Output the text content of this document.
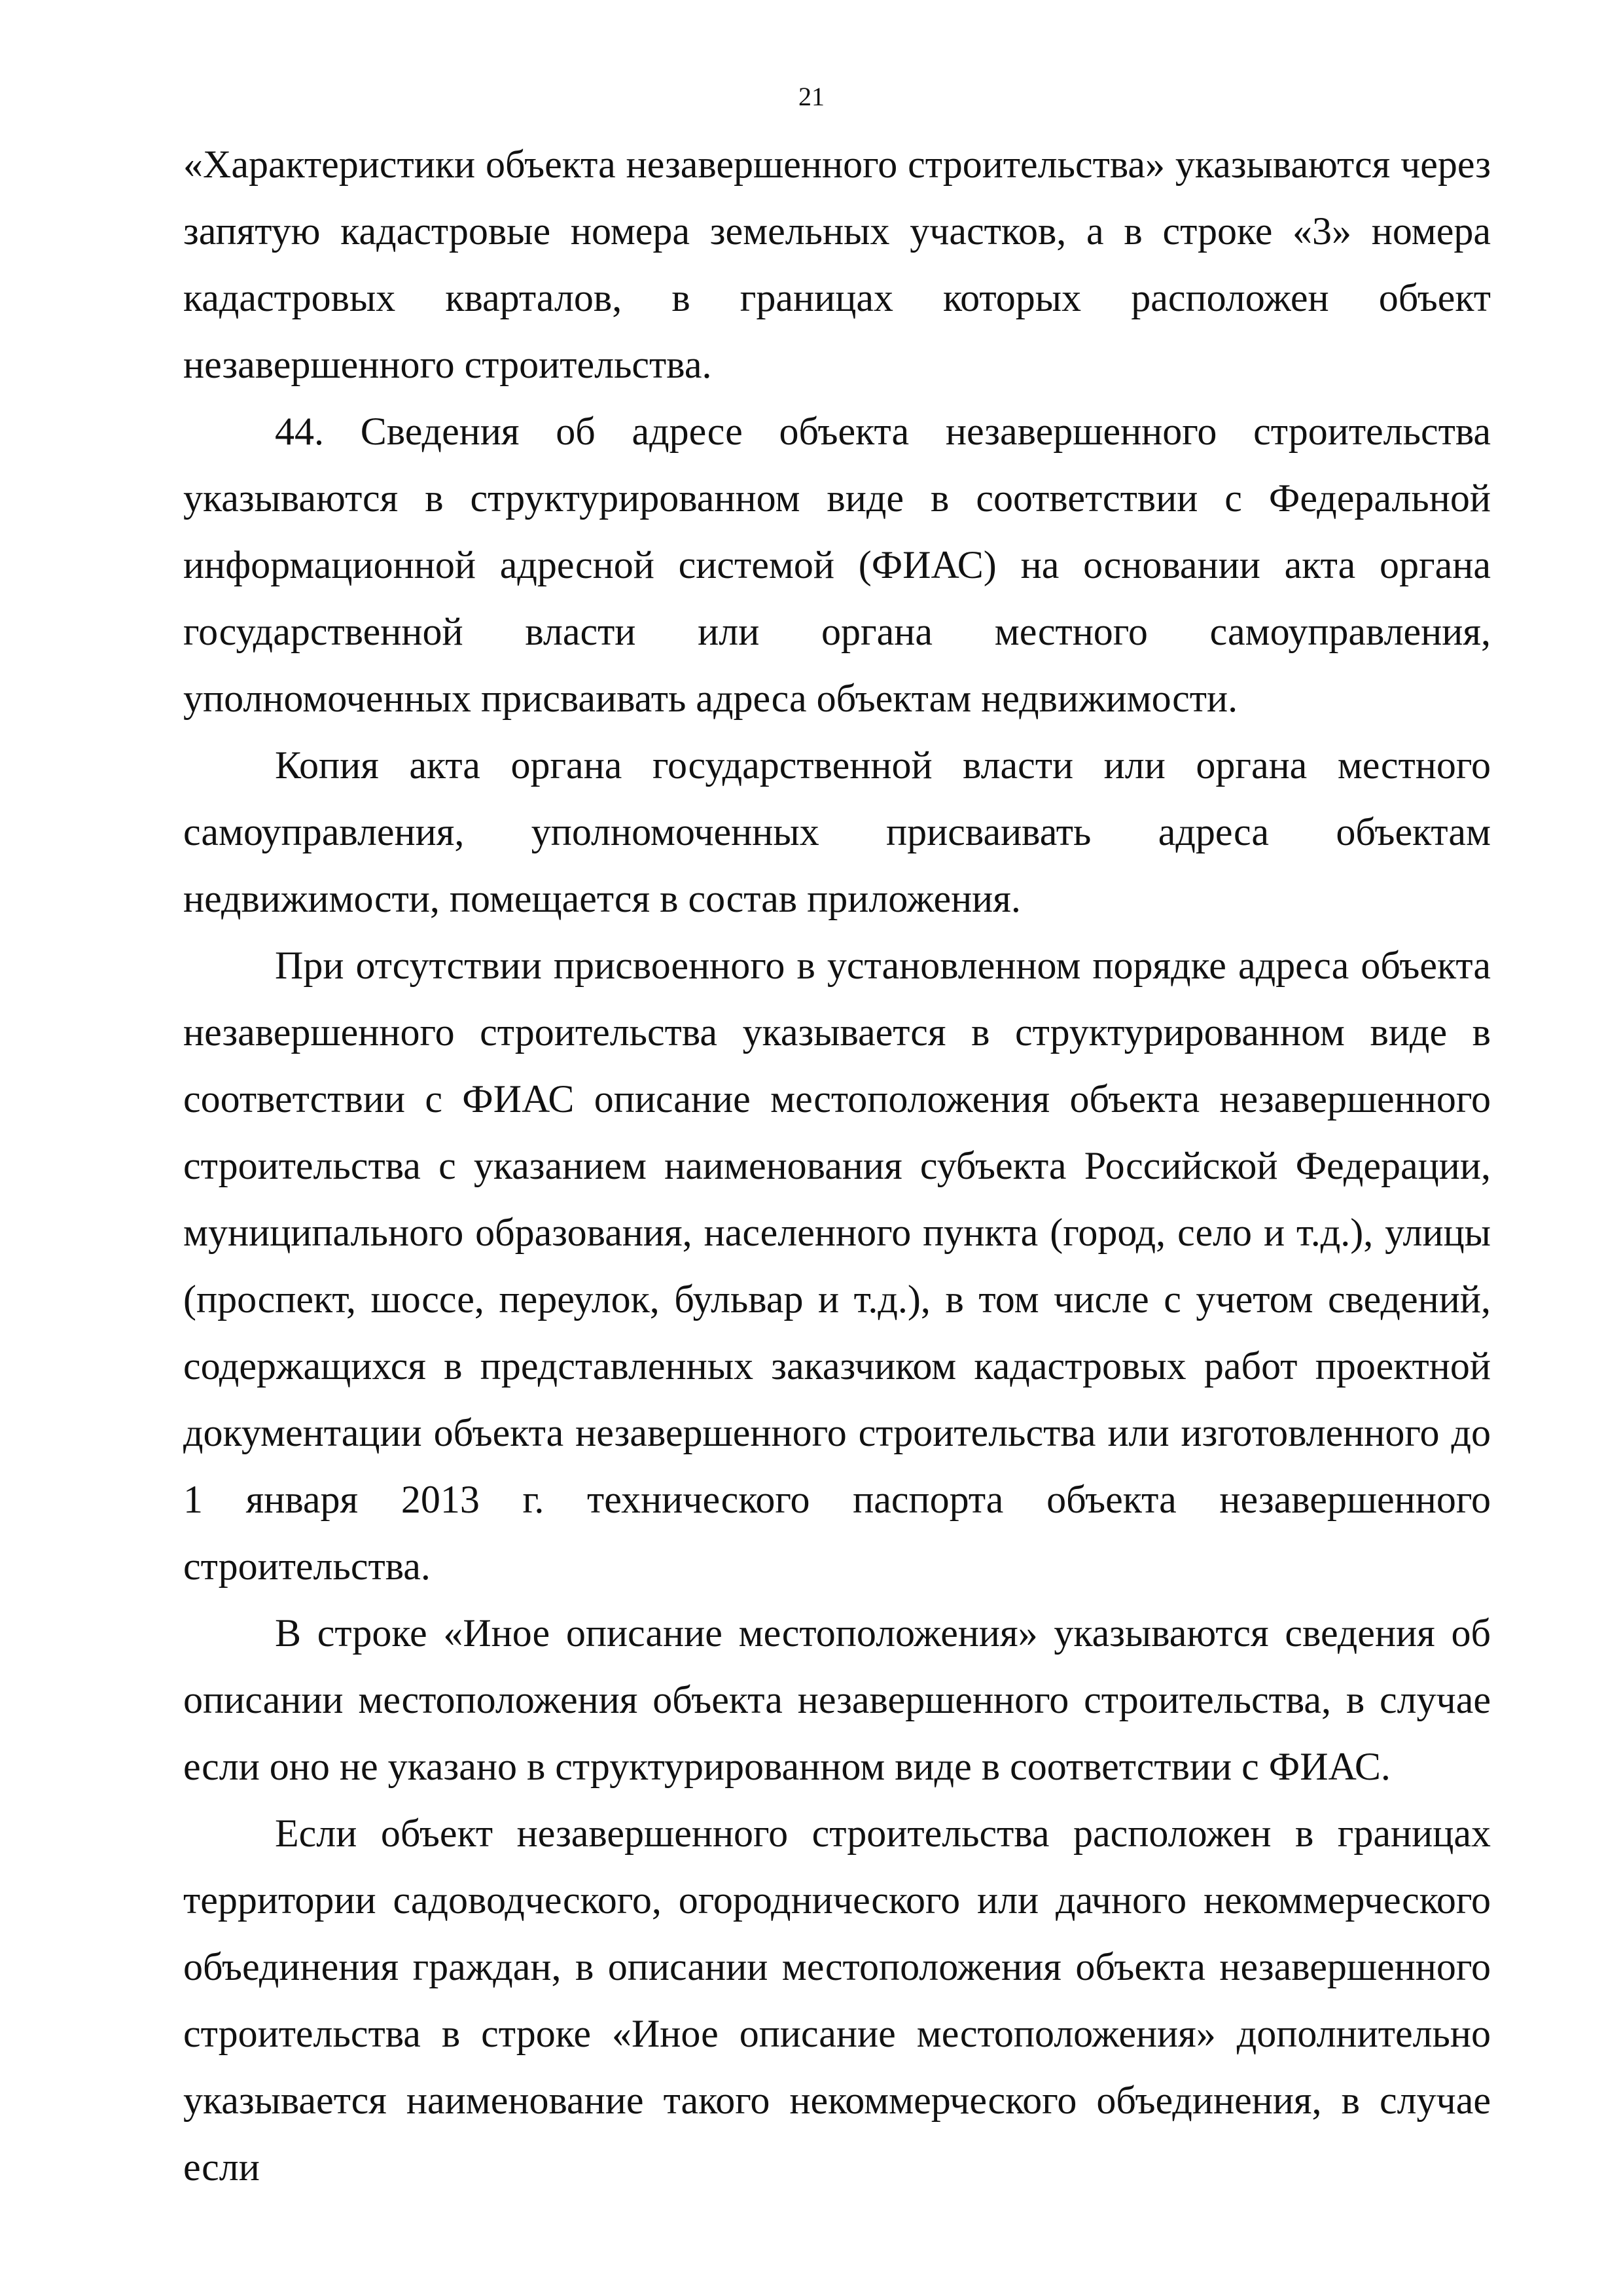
21

«Характеристики объекта незавершенного строительства» указываются через запятую кадастровые номера земельных участков, а в строке «3» номера кадастровых кварталов, в границах которых расположен объект незавершенного строительства.

44. Сведения об адресе объекта незавершенного строительства указываются в структурированном виде в соответствии с Федеральной информационной адресной системой (ФИАС) на основании акта органа государственной власти или органа местного самоуправления, уполномоченных присваивать адреса объектам недвижимости.

Копия акта органа государственной власти или органа местного самоуправления, уполномоченных присваивать адреса объектам недвижимости, помещается в состав приложения.

При отсутствии присвоенного в установленном порядке адреса объекта незавершенного строительства указывается в структурированном виде в соответствии с ФИАС описание местоположения объекта незавершенного строительства с указанием наименования субъекта Российской Федерации, муниципального образования, населенного пункта (город, село и т.д.), улицы (проспект, шоссе, переулок, бульвар и т.д.), в том числе с учетом сведений, содержащихся в представленных заказчиком кадастровых работ проектной документации объекта незавершенного строительства или изготовленного до 1 января 2013 г. технического паспорта объекта незавершенного строительства.

В строке «Иное описание местоположения» указываются сведения об описании местоположения объекта незавершенного строительства, в случае если оно не указано в структурированном виде в соответствии с ФИАС.

Если объект незавершенного строительства расположен в границах территории садоводческого, огороднического или дачного некоммерческого объединения граждан, в описании местоположения объекта незавершенного строительства в строке «Иное описание местоположения» дополнительно указывается наименование такого некоммерческого объединения, в случае если
